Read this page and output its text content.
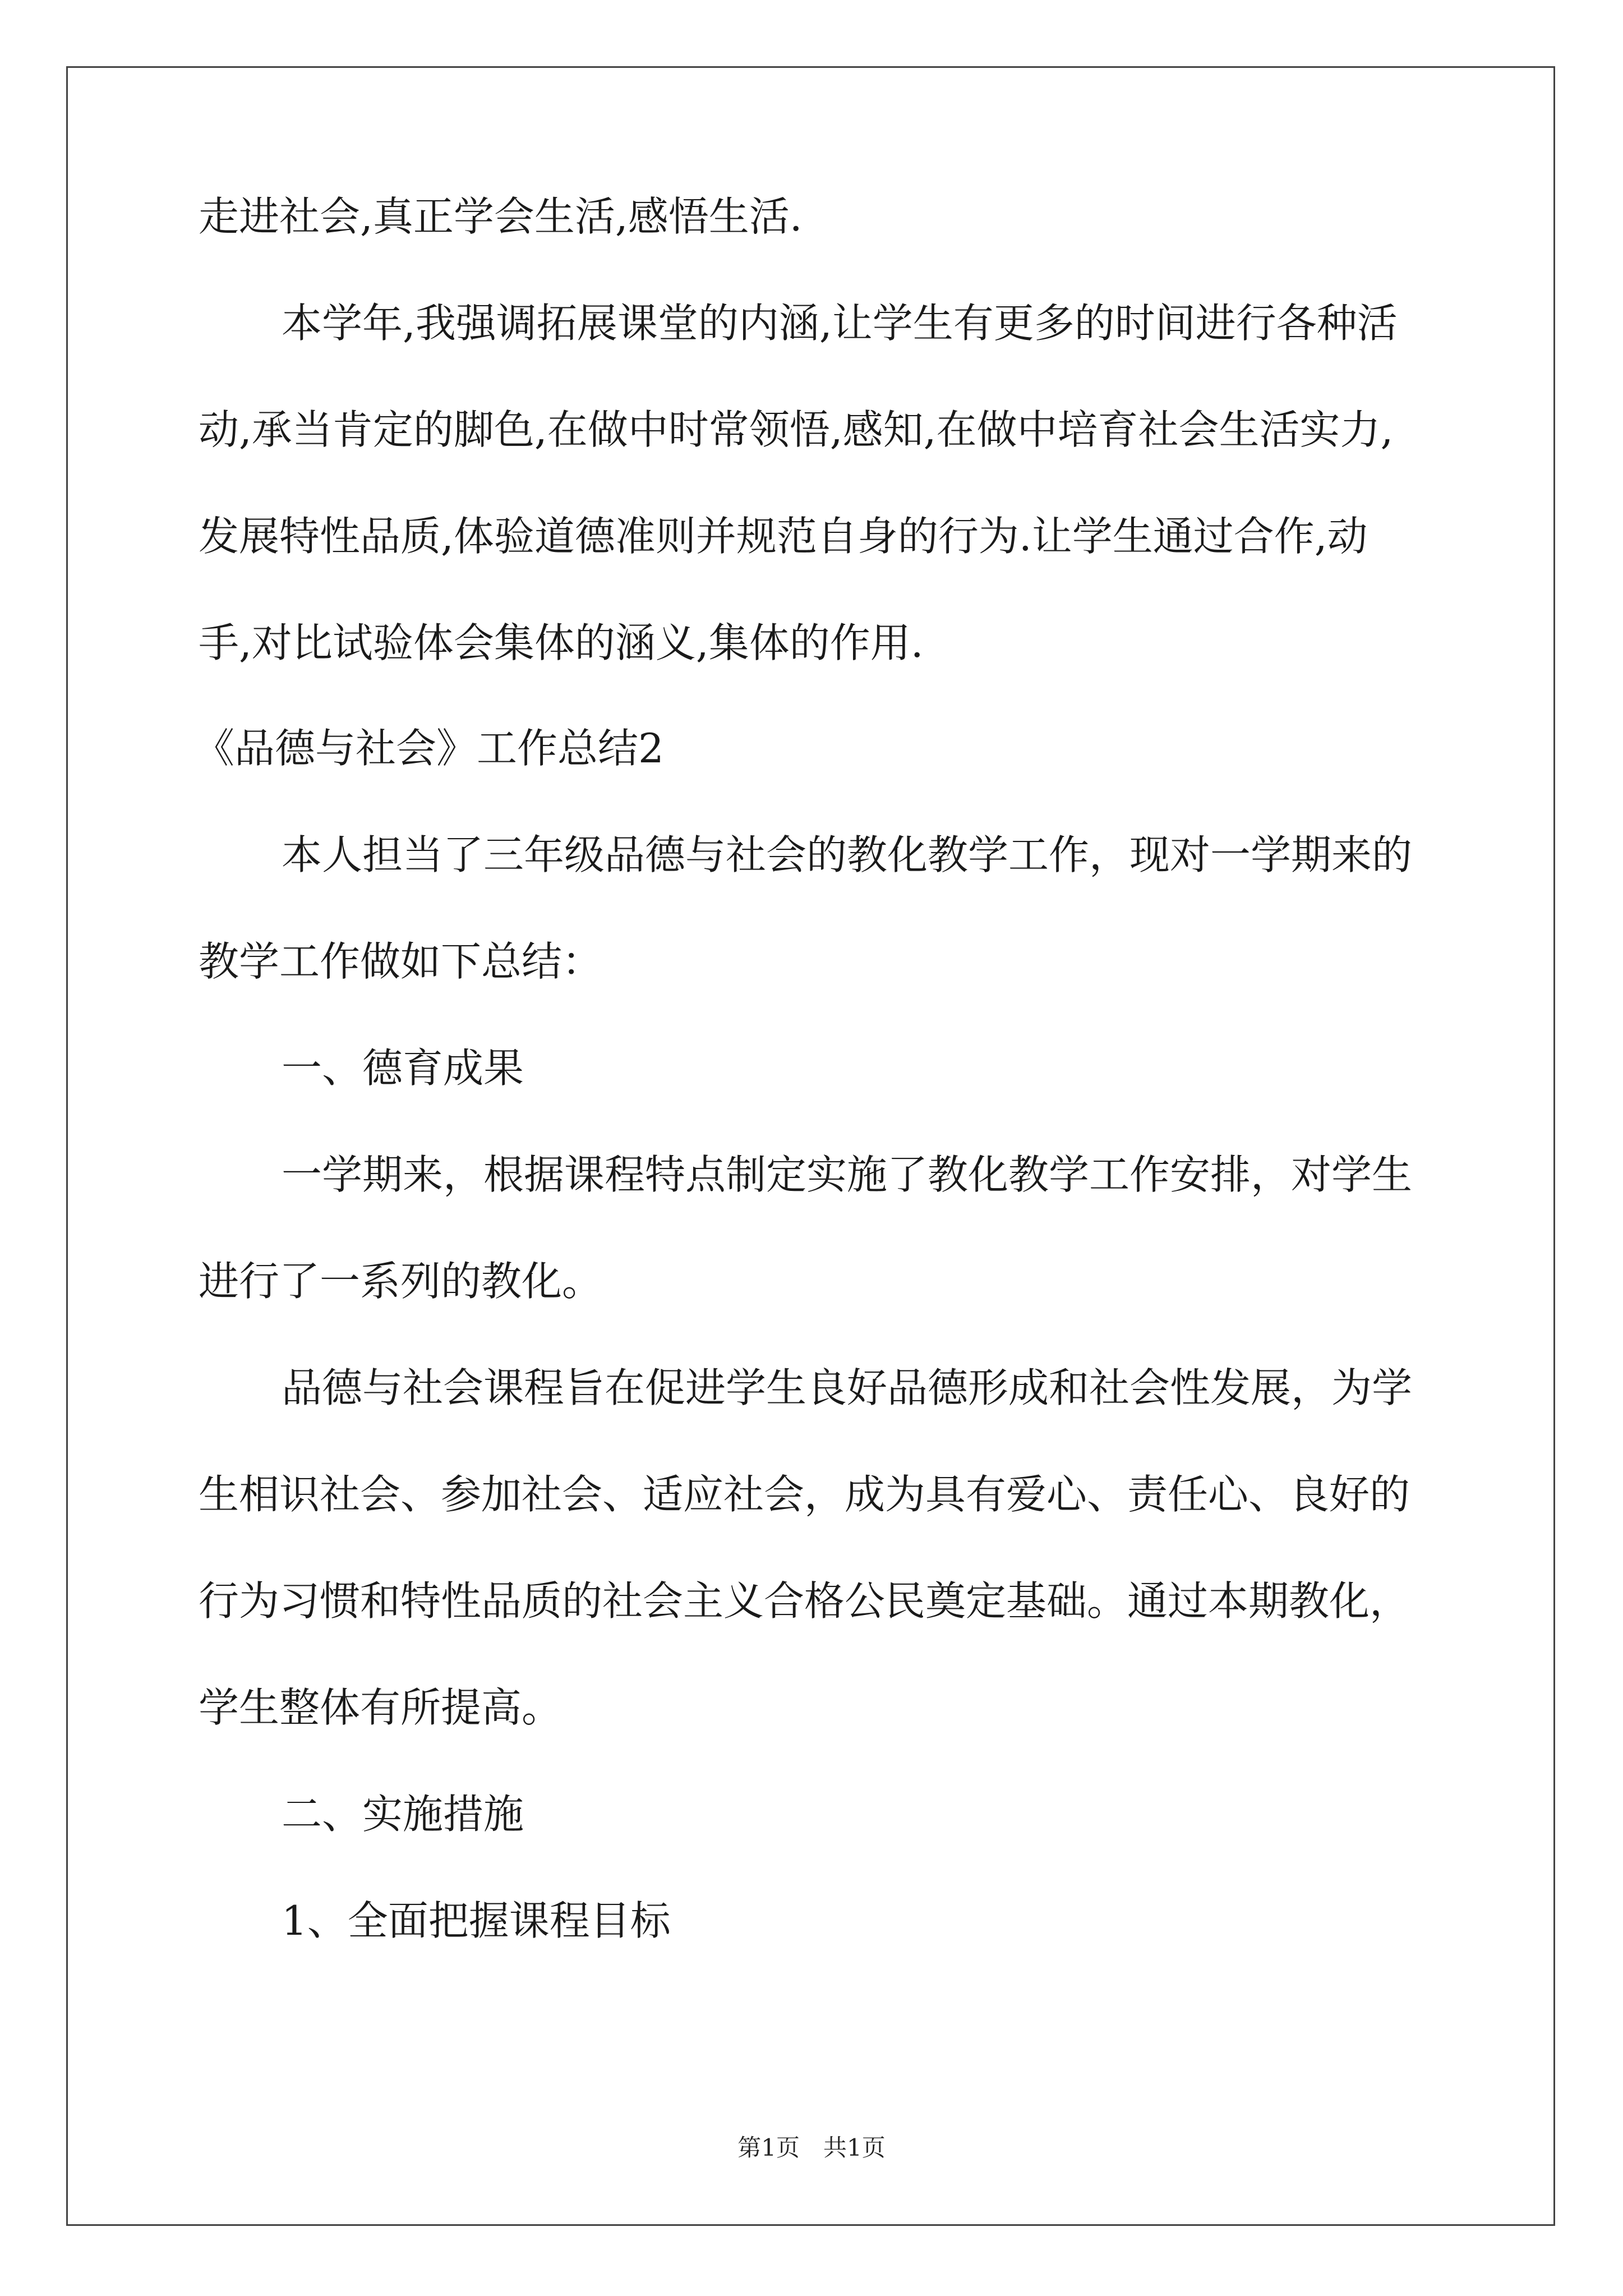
走进社会,真正学会生活,感悟生活.
本学年,我强调拓展课堂的内涵,让学生有更多的时间进行各种活
动,承当肯定的脚色,在做中时常领悟,感知,在做中培育社会生活实力,
发展特性品质,体验道德准则并规范自身的行为.让学生通过合作,动
手,对比试验体会集体的涵义,集体的作用.
《品德与社会》工作总结2
本人担当了三年级品德与社会的教化教学工作，现对一学期来的
教学工作做如下总结：
一、德育成果
一学期来，根据课程特点制定实施了教化教学工作安排，对学生
进行了一系列的教化。
品德与社会课程旨在促进学生良好品德形成和社会性发展，为学
生相识社会、参加社会、适应社会，成为具有爱心、责任心、良好的
行为习惯和特性品质的社会主义合格公民奠定基础。通过本期教化，
学生整体有所提高。
二、实施措施
1、全面把握课程目标
第1页　共1页
